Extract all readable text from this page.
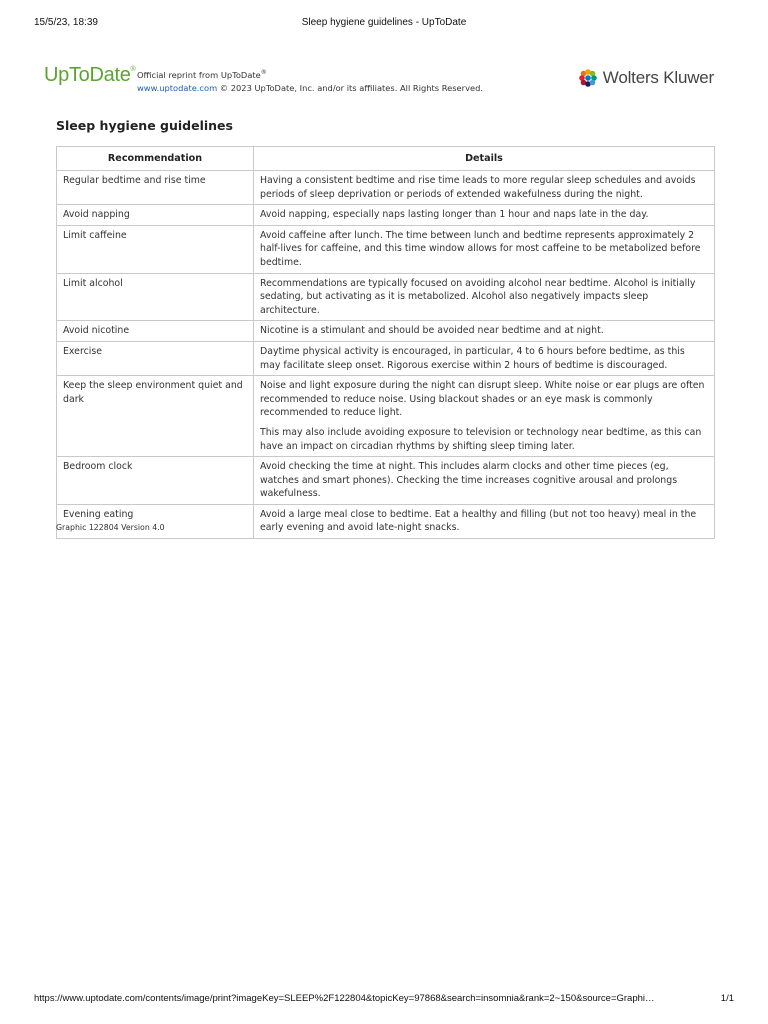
15/5/23, 18:39	Sleep hygiene guidelines - UpToDate
UpToDate®
Official reprint from UpToDate®
www.uptodate.com © 2023 UpToDate, Inc. and/or its affiliates. All Rights Reserved.
Wolters Kluwer
Sleep hygiene guidelines
Recommendation	Details
Regular bedtime and rise time	Having a consistent bedtime and rise time leads to more regular sleep schedules and avoids periods of sleep deprivation or periods of extended wakefulness during the night.

Avoid napping	Avoid napping, especially naps lasting longer than 1 hour and naps late in the day.

Limit caffeine	Avoid caffeine after lunch. The time between lunch and bedtime represents approximately 2 half-lives for caffeine, and this time window allows for most caffeine to be metabolized before bedtime.

Limit alcohol	Recommendations are typically focused on avoiding alcohol near bedtime. Alcohol is initially sedating, but activating as it is metabolized. Alcohol also negatively impacts sleep architecture.

Avoid nicotine	Nicotine is a stimulant and should be avoided near bedtime and at night.

Exercise	Daytime physical activity is encouraged, in particular, 4 to 6 hours before bedtime, as this may facilitate sleep onset. Rigorous exercise within 2 hours of bedtime is discouraged.

Keep the sleep environment quiet and dark	Noise and light exposure during the night can disrupt sleep. White noise or ear plugs are often recommended to reduce noise. Using blackout shades or an eye mask is commonly recommended to reduce light.

This may also include avoiding exposure to television or technology near bedtime, as this can have an impact on circadian rhythms by shifting sleep timing later.

Bedroom clock	Avoid checking the time at night. This includes alarm clocks and other time pieces (eg, watches and smart phones). Checking the time increases cognitive arousal and prolongs wakefulness.

Evening eating	Avoid a large meal close to bedtime. Eat a healthy and filling (but not too heavy) meal in the early evening and avoid late-night snacks.

Graphic 122804 Version 4.0
https://www.uptodate.com/contents/image/print?imageKey=SLEEP%2F122804&topicKey=97868&search=insomnia&rank=2~150&source=Graphi…	1/1
